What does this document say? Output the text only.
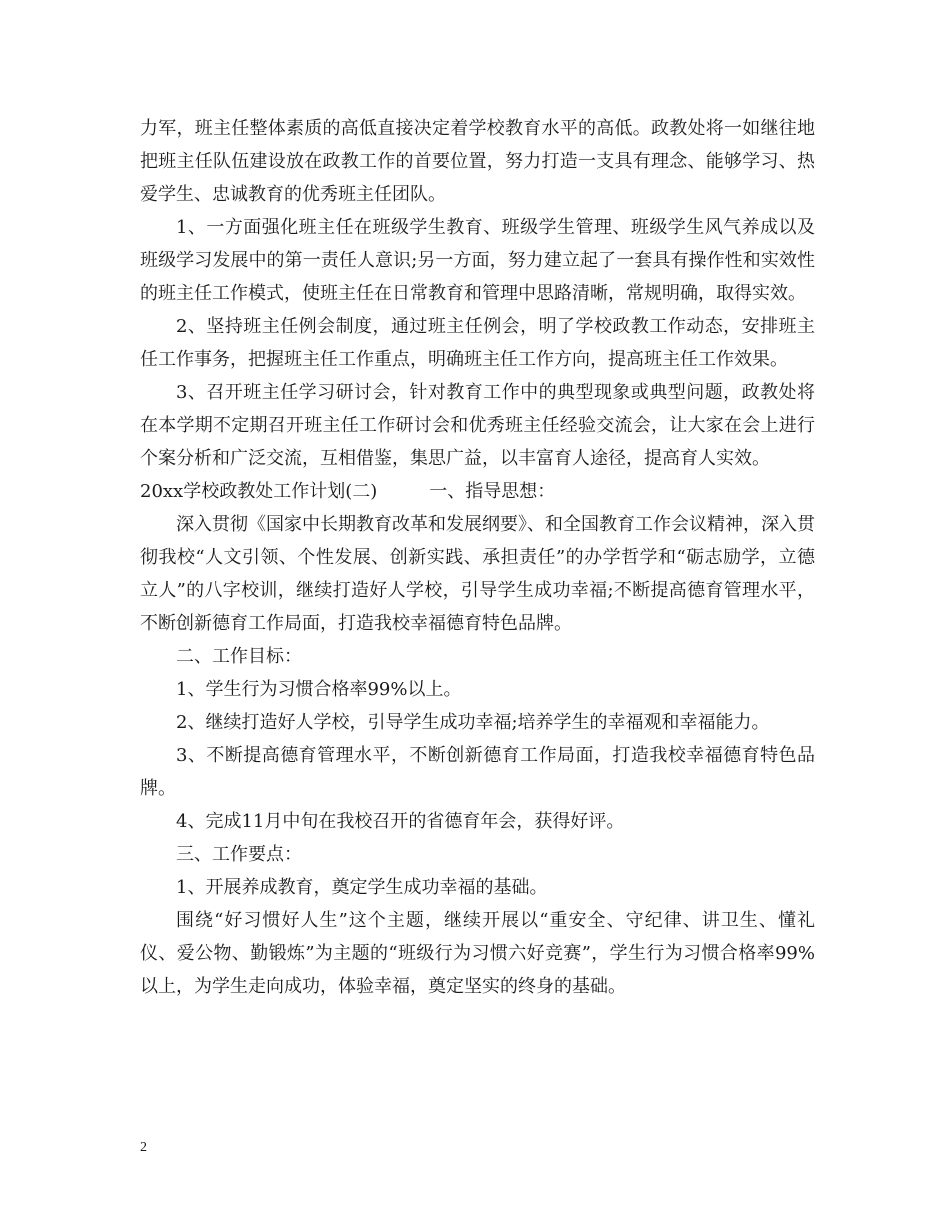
力军，班主任整体素质的高低直接决定着学校教育水平的高低。政教处将一如继往地把班主任队伍建设放在政教工作的首要位置，努力打造一支具有理念、能够学习、热爱学生、忠诚教育的优秀班主任团队。

1、一方面强化班主任在班级学生教育、班级学生管理、班级学生风气养成以及班级学习发展中的第一责任人意识;另一方面，努力建立起了一套具有操作性和实效性的班主任工作模式，使班主任在日常教育和管理中思路清晰，常规明确，取得实效。

2、坚持班主任例会制度，通过班主任例会，明了学校政教工作动态，安排班主任工作事务，把握班主任工作重点，明确班主任工作方向，提高班主任工作效果。

3、召开班主任学习研讨会，针对教育工作中的典型现象或典型问题，政教处将在本学期不定期召开班主任工作研讨会和优秀班主任经验交流会，让大家在会上进行个案分析和广泛交流，互相借鉴，集思广益，以丰富育人途径，提高育人实效。

20xx学校政教处工作计划(二)	一、指导思想：

深入贯彻《国家中长期教育改革和发展纲要》、和全国教育工作会议精神，深入贯彻我校“人文引领、个性发展、创新实践、承担责任”的办学哲学和“砺志励学，立德立人”的八字校训，继续打造好人学校，引导学生成功幸福;不断提高德育管理水平，不断创新德育工作局面，打造我校幸福德育特色品牌。

二、工作目标：

1、学生行为习惯合格率99%以上。

2、继续打造好人学校，引导学生成功幸福;培养学生的幸福观和幸福能力。

3、不断提高德育管理水平，不断创新德育工作局面，打造我校幸福德育特色品牌。

4、完成11月中旬在我校召开的省德育年会，获得好评。

三、工作要点：

1、开展养成教育，奠定学生成功幸福的基础。

围绕“好习惯好人生”这个主题，继续开展以“重安全、守纪律、讲卫生、懂礼仪、爱公物、勤锻炼”为主题的“班级行为习惯六好竞赛”，学生行为习惯合格率99%以上，为学生走向成功，体验幸福，奠定坚实的终身的基础。

2
